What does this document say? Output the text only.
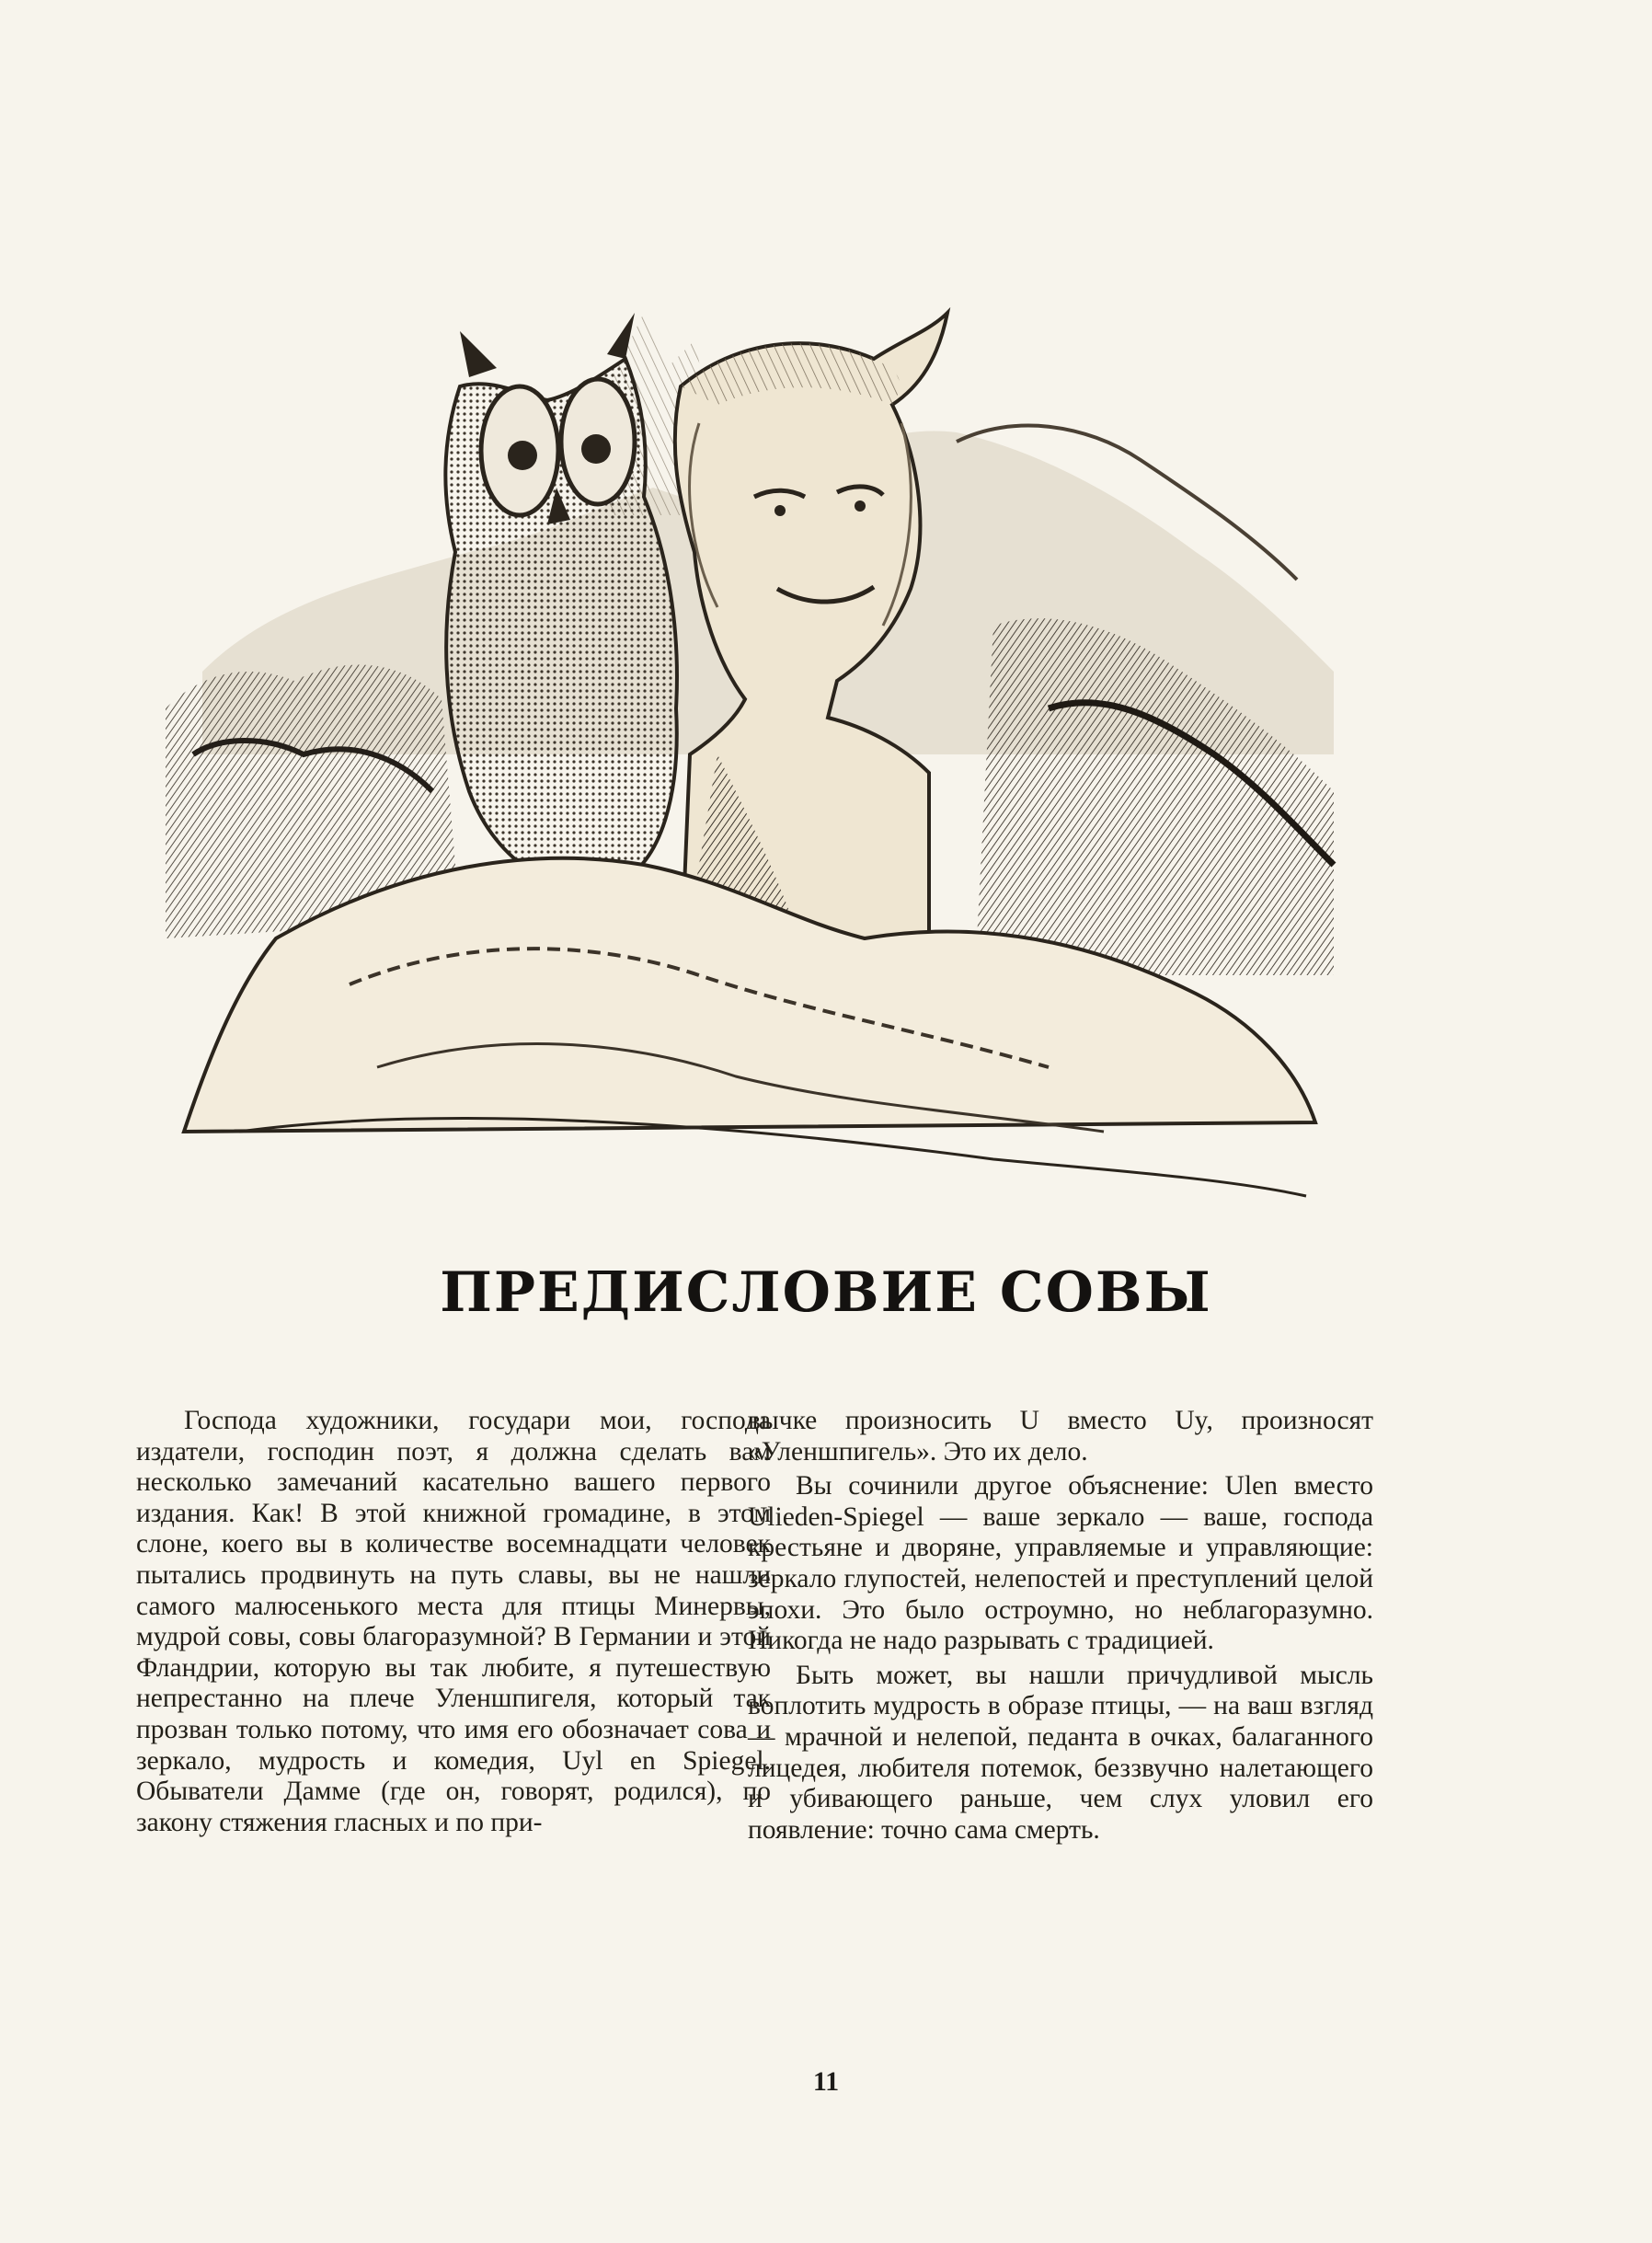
ПРЕДИСЛОВИЕ СОВЫ

Господа художники, государи мои, господа издатели, господин поэт, я должна сделать вам несколько замечаний касательно вашего первого издания. Как! В этой книжной громадине, в этом слоне, коего вы в количестве восемнадцати человек пытались продвинуть на путь славы, вы не нашли самого малюсенького места для птицы Минервы, мудрой совы, совы благоразумной? В Германии и этой Фландрии, которую вы так любите, я путешествую непрестанно на плече Уленшпигеля, который так прозван только потому, что имя его обозначает сова и зеркало, мудрость и комедия, Uyl en Spiegel. Обыватели Дамме (где он, говорят, родился), по закону стяжения гласных и по при-

вычке произносить U вместо Uy, произносят «Уленшпигель». Это их дело.

Вы сочинили другое объяснение: Ulen вместо Ulieden-Spiegel — ваше зеркало — ваше, господа крестьяне и дворяне, управляемые и управляющие: зеркало глупостей, нелепостей и преступлений целой эпохи. Это было остроумно, но неблагоразумно. Никогда не надо разрывать с традицией.

Быть может, вы нашли причудливой мысль воплотить мудрость в образе птицы, — на ваш взгляд — мрачной и нелепой, педанта в очках, балаганного лицедея, любителя потемок, беззвучно налетающего и убивающего раньше, чем слух уловил его появление: точно сама смерть.

11
